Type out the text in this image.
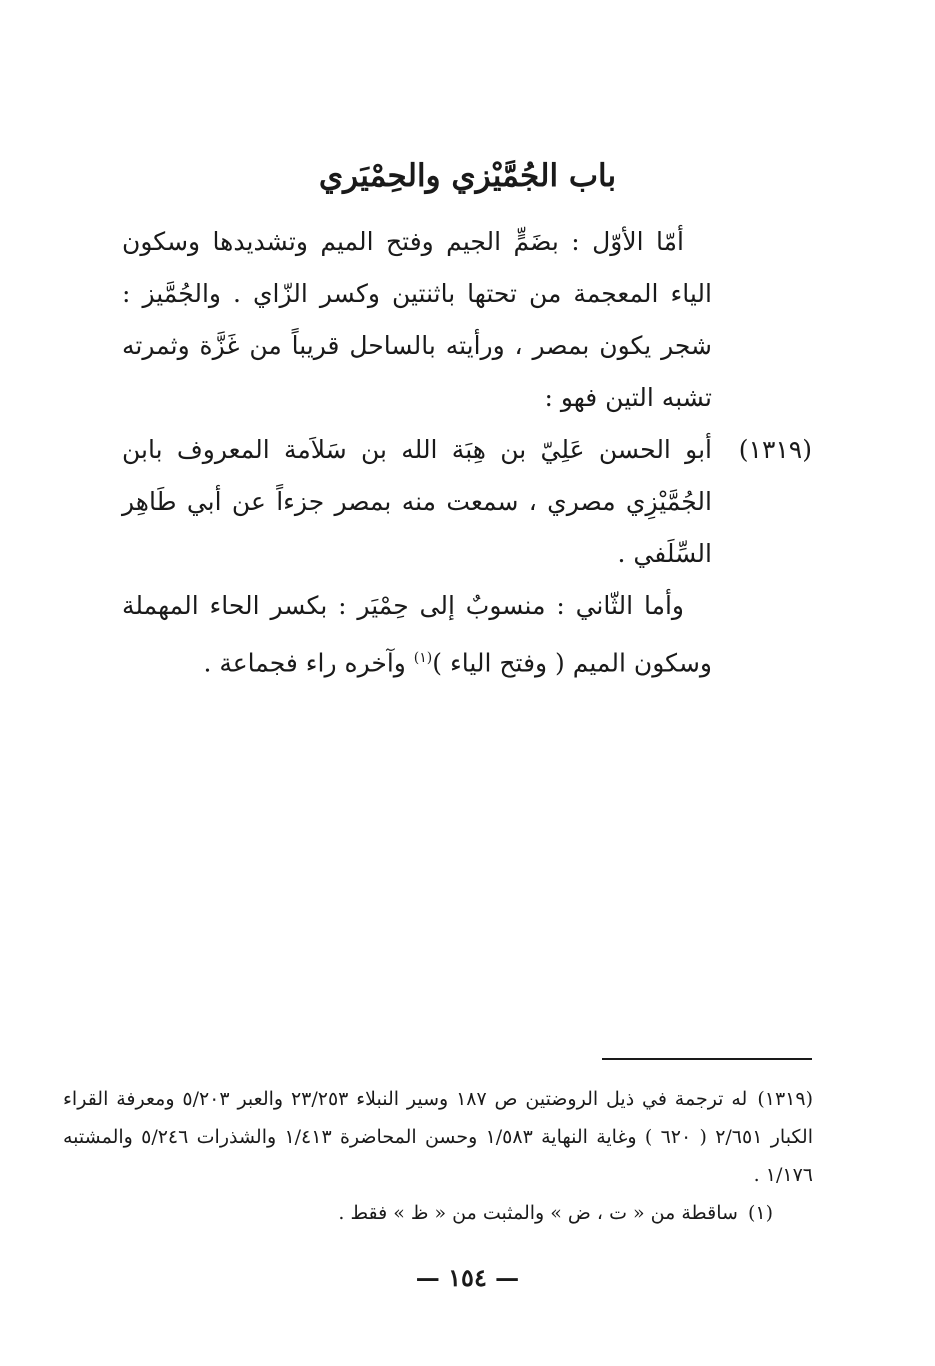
باب الجُمَّيْزي والحِمْيَري

أمّا الأوّل : بضَمٍّ الجيم وفتح الميم وتشديدها وسكون الياء المعجمة من تحتها باثنتين وكسر الزّاي . والجُمَّيز : شجر يكون بمصر ، ورأيته بالساحل قريباً من غَزَّة وثمرته تشبه التين فهو :

(١٣١٩)
أبو الحسن عَلِيّ بن هِبَة الله بن سَلاَمة المعروف بابن الجُمَّيْزِي مصري ، سمعت منه بمصر جزءاً عن أبي طَاهِر السِّلَفي .

وأما الثّاني : منسوبٌ إلى حِمْيَر : بكسر الحاء المهملة وسكون الميم ( وفتح الياء )$^{(١)}$ وآخره راء فجماعة .

(١٣١٩)له ترجمة في ذيل الروضتين ص ١٨٧ وسير النبلاء ٢٣/٢٥٣ والعبر ٥/٢٠٣ ومعرفة القراء الكبار ٢/٦٥١ ( ٦٢٠ ) وغاية النهاية ١/٥٨٣ وحسن المحاضرة ١/٤١٣ والشذرات ٥/٢٤٦ والمشتبه ١/١٧٦ .

(١)ساقطة من « ت ، ض » والمثبت من « ظ » فقط .

— ١٥٤ —
